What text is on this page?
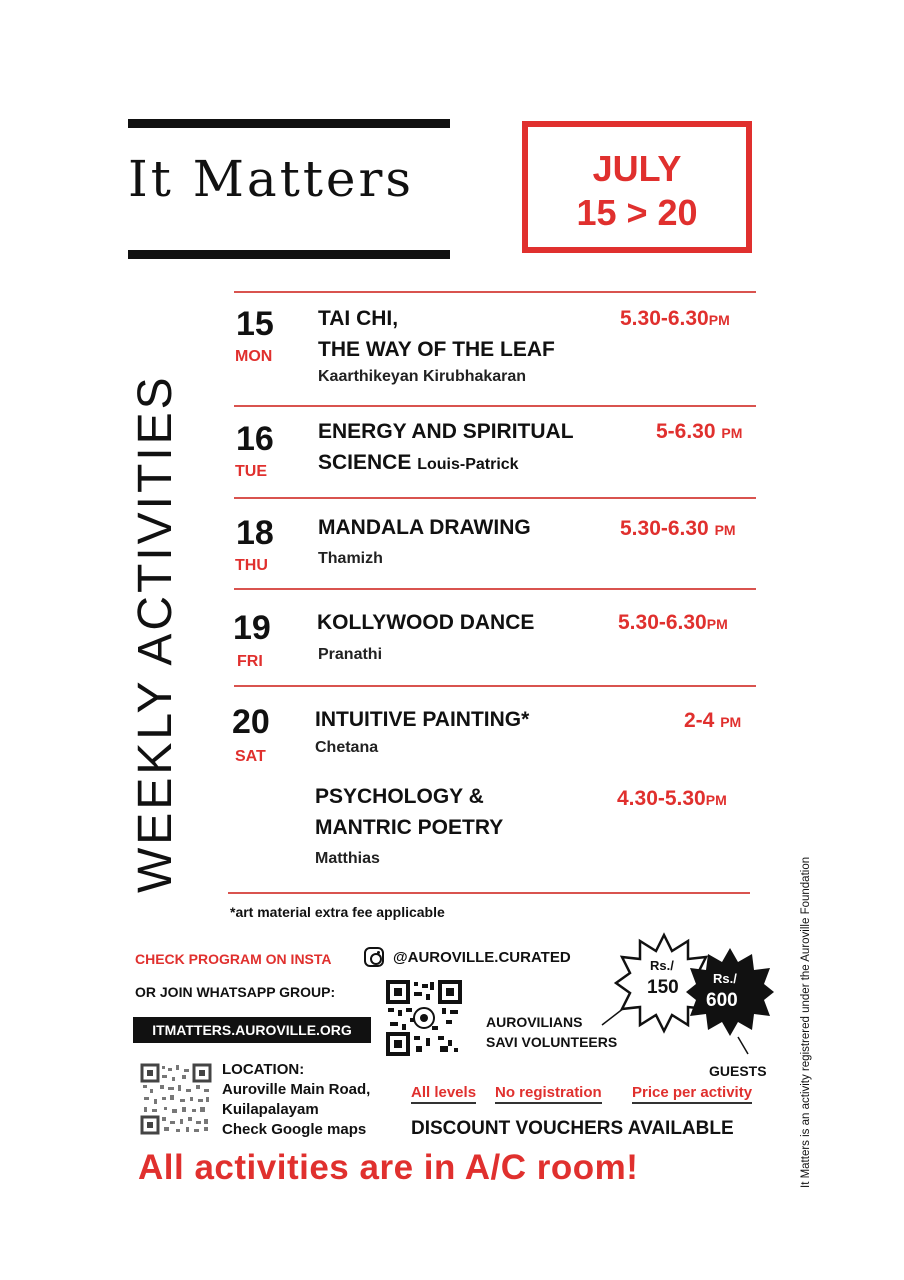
It Matters	JULY
15 > 20
WEEKLY ACTIVITIES
15
MON
TAI CHI,
THE WAY OF THE LEAF
Kaarthikeyan Kirubhakaran
5.30-6.30PM
16
TUE
ENERGY AND SPIRITUAL
SCIENCE Louis-Patrick
5-6.30 PM
18
THU
MANDALA DRAWING
Thamizh
5.30-6.30 PM
19
FRI
KOLLYWOOD DANCE
Pranathi
5.30-6.30PM
20
SAT
INTUITIVE PAINTING*
Chetana
2-4 PM
PSYCHOLOGY &
MANTRIC POETRY
Matthias
4.30-5.30PM
*art material extra fee applicable
CHECK PROGRAM ON INSTA	@AUROVILLE.CURATED
OR JOIN WHATSAPP GROUP:
ITMATTERS.AUROVILLE.ORG
LOCATION:
Auroville Main Road,
Kuilapalayam
Check Google maps
Rs./
150	Rs./
600
AUROVILIANS
SAVI VOLUNTEERS
GUESTS
All levels No registration Price per activity
DISCOUNT VOUCHERS AVAILABLE
All activities are in A/C room!	It Matters is an activity registrered under the Auroville Foundation
